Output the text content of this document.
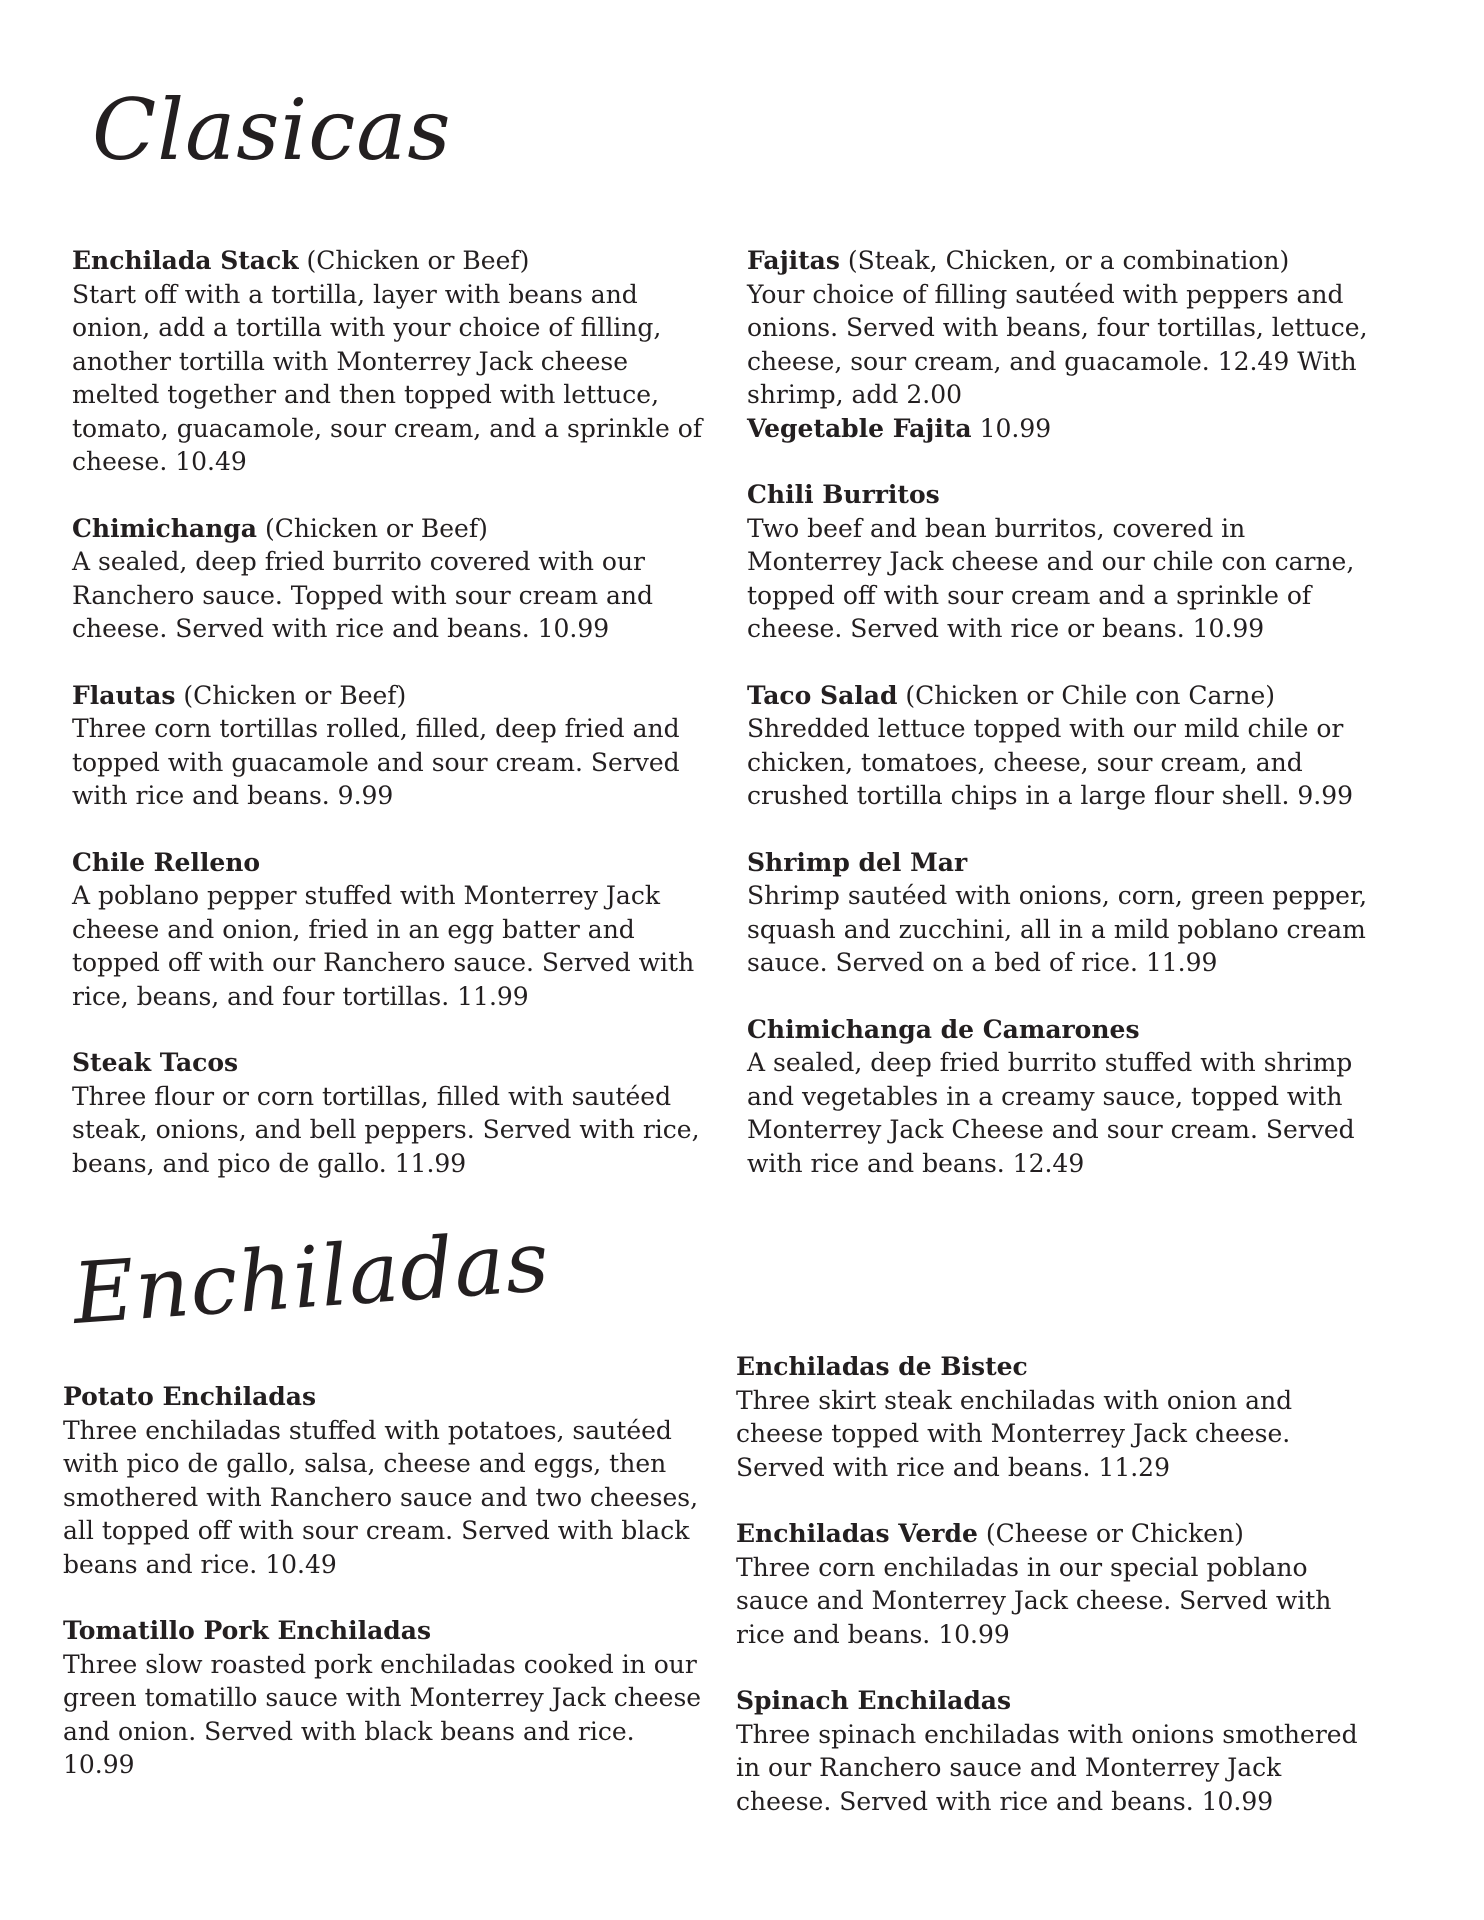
Clasicas
Enchilada Stack (Chicken or Beef)
Start off with a tortilla, layer with beans and onion, add a tortilla with your choice of filling, another tortilla with Monterrey Jack cheese melted together and then topped with lettuce, tomato, guacamole, sour cream, and a sprinkle of cheese. 10.49
Chimichanga (Chicken or Beef)
A sealed, deep fried burrito covered with our Ranchero sauce. Topped with sour cream and cheese. Served with rice and beans. 10.99
Flautas (Chicken or Beef)
Three corn tortillas rolled, filled, deep fried and topped with guacamole and sour cream. Served with rice and beans. 9.99
Chile Relleno
A poblano pepper stuffed with Monterrey Jack cheese and onion, fried in an egg batter and topped off with our Ranchero sauce. Served with rice, beans, and four tortillas. 11.99
Steak Tacos
Three flour or corn tortillas, filled with sautéed steak, onions, and bell peppers. Served with rice, beans, and pico de gallo. 11.99
Fajitas (Steak, Chicken, or a combination)
Your choice of filling sautéed with peppers and onions. Served with beans, four tortillas, lettuce, cheese, sour cream, and guacamole. 12.49 With shrimp, add 2.00
Vegetable Fajita 10.99
Chili Burritos
Two beef and bean burritos, covered in Monterrey Jack cheese and our chile con carne, topped off with sour cream and a sprinkle of cheese. Served with rice or beans. 10.99
Taco Salad (Chicken or Chile con Carne)
Shredded lettuce topped with our mild chile or chicken, tomatoes, cheese, sour cream, and crushed tortilla chips in a large flour shell. 9.99
Shrimp del Mar
Shrimp sautéed with onions, corn, green pepper, squash and zucchini, all in a mild poblano cream sauce. Served on a bed of rice. 11.99
Chimichanga de Camarones
A sealed, deep fried burrito stuffed with shrimp and vegetables in a creamy sauce, topped with Monterrey Jack Cheese and sour cream. Served with rice and beans. 12.49
Enchiladas
Potato Enchiladas
Three enchiladas stuffed with potatoes, sautéed with pico de gallo, salsa, cheese and eggs, then smothered with Ranchero sauce and two cheeses, all topped off with sour cream. Served with black beans and rice. 10.49
Tomatillo Pork Enchiladas
Three slow roasted pork enchiladas cooked in our green tomatillo sauce with Monterrey Jack cheese and onion. Served with black beans and rice. 10.99
Enchiladas de Bistec
Three skirt steak enchiladas with onion and cheese topped with Monterrey Jack cheese. Served with rice and beans. 11.29
Enchiladas Verde (Cheese or Chicken)
Three corn enchiladas in our special poblano sauce and Monterrey Jack cheese. Served with rice and beans. 10.99
Spinach Enchiladas
Three spinach enchiladas with onions smothered in our Ranchero sauce and Monterrey Jack cheese. Served with rice and beans. 10.99
